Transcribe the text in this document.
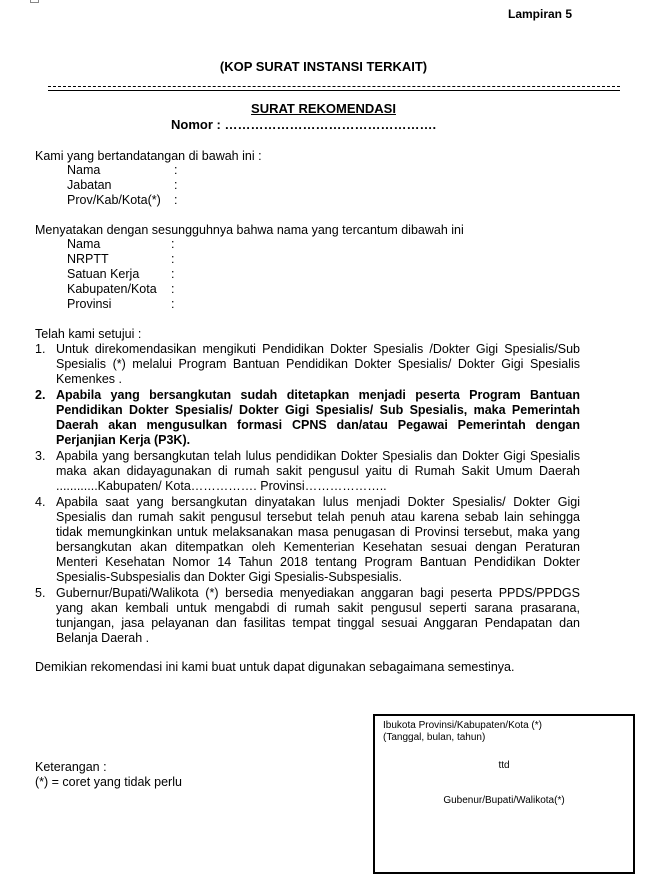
Lampiran 5
(KOP SURAT INSTANSI TERKAIT)
SURAT REKOMENDASI
Nomor : ………………………………………….
Kami yang bertandatangan di bawah ini :
Nama	:
Jabatan	:
Prov/Kab/Kota(*) :
Menyatakan dengan sesungguhnya bahwa nama yang tercantum dibawah ini
Nama	:
NRPTT	:
Satuan Kerja	:
Kabupaten/Kota :
Provinsi	:
Telah kami setujui :
1. Untuk direkomendasikan mengikuti Pendidikan Dokter Spesialis /Dokter Gigi Spesialis/Sub Spesialis (*) melalui Program Bantuan Pendidikan Dokter Spesialis/ Dokter Gigi Spesialis Kemenkes .
2. Apabila yang bersangkutan sudah ditetapkan menjadi peserta Program Bantuan Pendidikan Dokter Spesialis/ Dokter Gigi Spesialis/ Sub Spesialis, maka Pemerintah Daerah akan mengusulkan formasi CPNS dan/atau Pegawai Pemerintah dengan Perjanjian Kerja (P3K).
3. Apabila yang bersangkutan telah lulus pendidikan Dokter Spesialis dan Dokter Gigi Spesialis maka akan didayagunakan di rumah sakit pengusul yaitu di Rumah Sakit Umum Daerah ............Kabupaten/ Kota……………. Provinsi………………..
4. Apabila saat yang bersangkutan dinyatakan lulus menjadi Dokter Spesialis/ Dokter Gigi Spesialis dan rumah sakit pengusul tersebut telah penuh atau karena sebab lain sehingga tidak memungkinkan untuk melaksanakan masa penugasan di Provinsi tersebut, maka yang bersangkutan akan ditempatkan oleh Kementerian Kesehatan sesuai dengan Peraturan Menteri Kesehatan Nomor 14 Tahun 2018 tentang Program Bantuan Pendidikan Dokter Spesialis-Subspesialis dan Dokter Gigi Spesialis-Subspesialis.
5. Gubernur/Bupati/Walikota (*) bersedia menyediakan anggaran bagi peserta PPDS/PPDGS yang akan kembali untuk mengabdi di rumah sakit pengusul seperti sarana prasarana, tunjangan, jasa pelayanan dan fasilitas tempat tinggal sesuai Anggaran Pendapatan dan Belanja Daerah .
Demikian rekomendasi ini kami buat untuk dapat digunakan sebagaimana semestinya.
Keterangan :
(*) = coret yang tidak perlu
Ibukota Provinsi/Kabupaten/Kota (*)
(Tanggal, bulan, tahun)
ttd
Gubenur/Bupati/Walikota(*)
